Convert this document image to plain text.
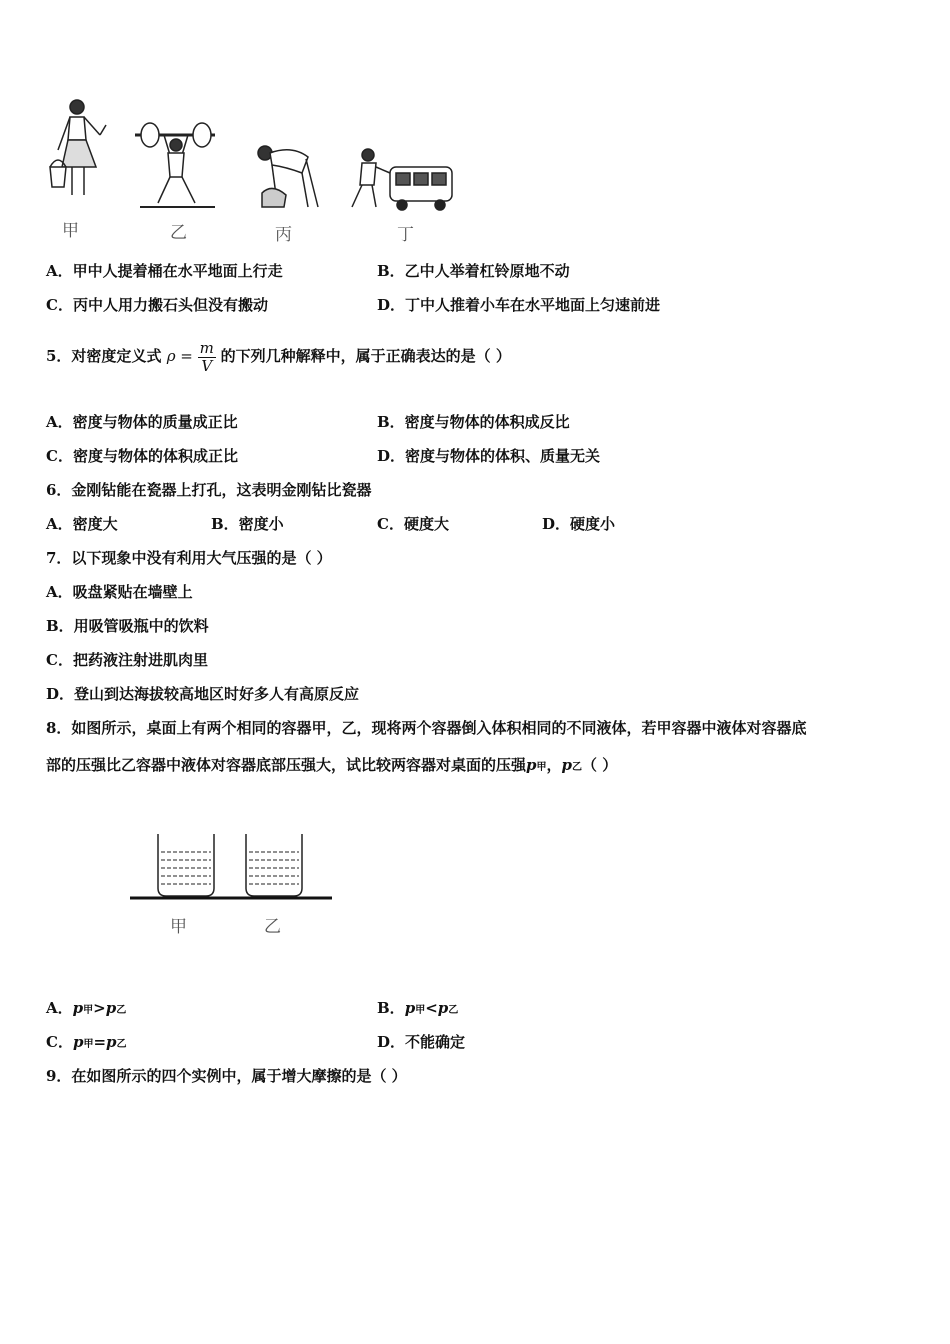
甲	乙	丙	丁
A．甲中人提着桶在水平地面上行走	B．乙中人举着杠铃原地不动
C．丙中人用力搬石头但没有搬动	D．丁中人推着小车在水平地面上匀速前进
5．对密度定义式 $\rho = \frac{m}{V}$ 的下列几种解释中，属于正确表达的是（ ）
A．密度与物体的质量成正比	B．密度与物体的体积成反比
C．密度与物体的体积成正比	D．密度与物体的体积、质量无关
6．金刚钻能在瓷器上打孔，这表明金刚钻比瓷器
A．密度大	B．密度小	C．硬度大	D．硬度小
7．以下现象中没有利用大气压强的是（ ）
A．吸盘紧贴在墙壁上
B．用吸管吸瓶中的饮料
C．把药液注射进肌肉里
D．登山到达海拔较高地区时好多人有高原反应
8．如图所示，桌面上有两个相同的容器甲，乙，现将两个容器倒入体积相同的不同液体，若甲容器中液体对容器底
部的压强比乙容器中液体对容器底部压强大，试比较两容器对桌面的压强p甲，p乙（ ）
甲	乙
A．p甲>p乙	B．p甲<p乙
C．p甲=p乙	D．不能确定
9．在如图所示的四个实例中，属于增大摩擦的是（ ）
